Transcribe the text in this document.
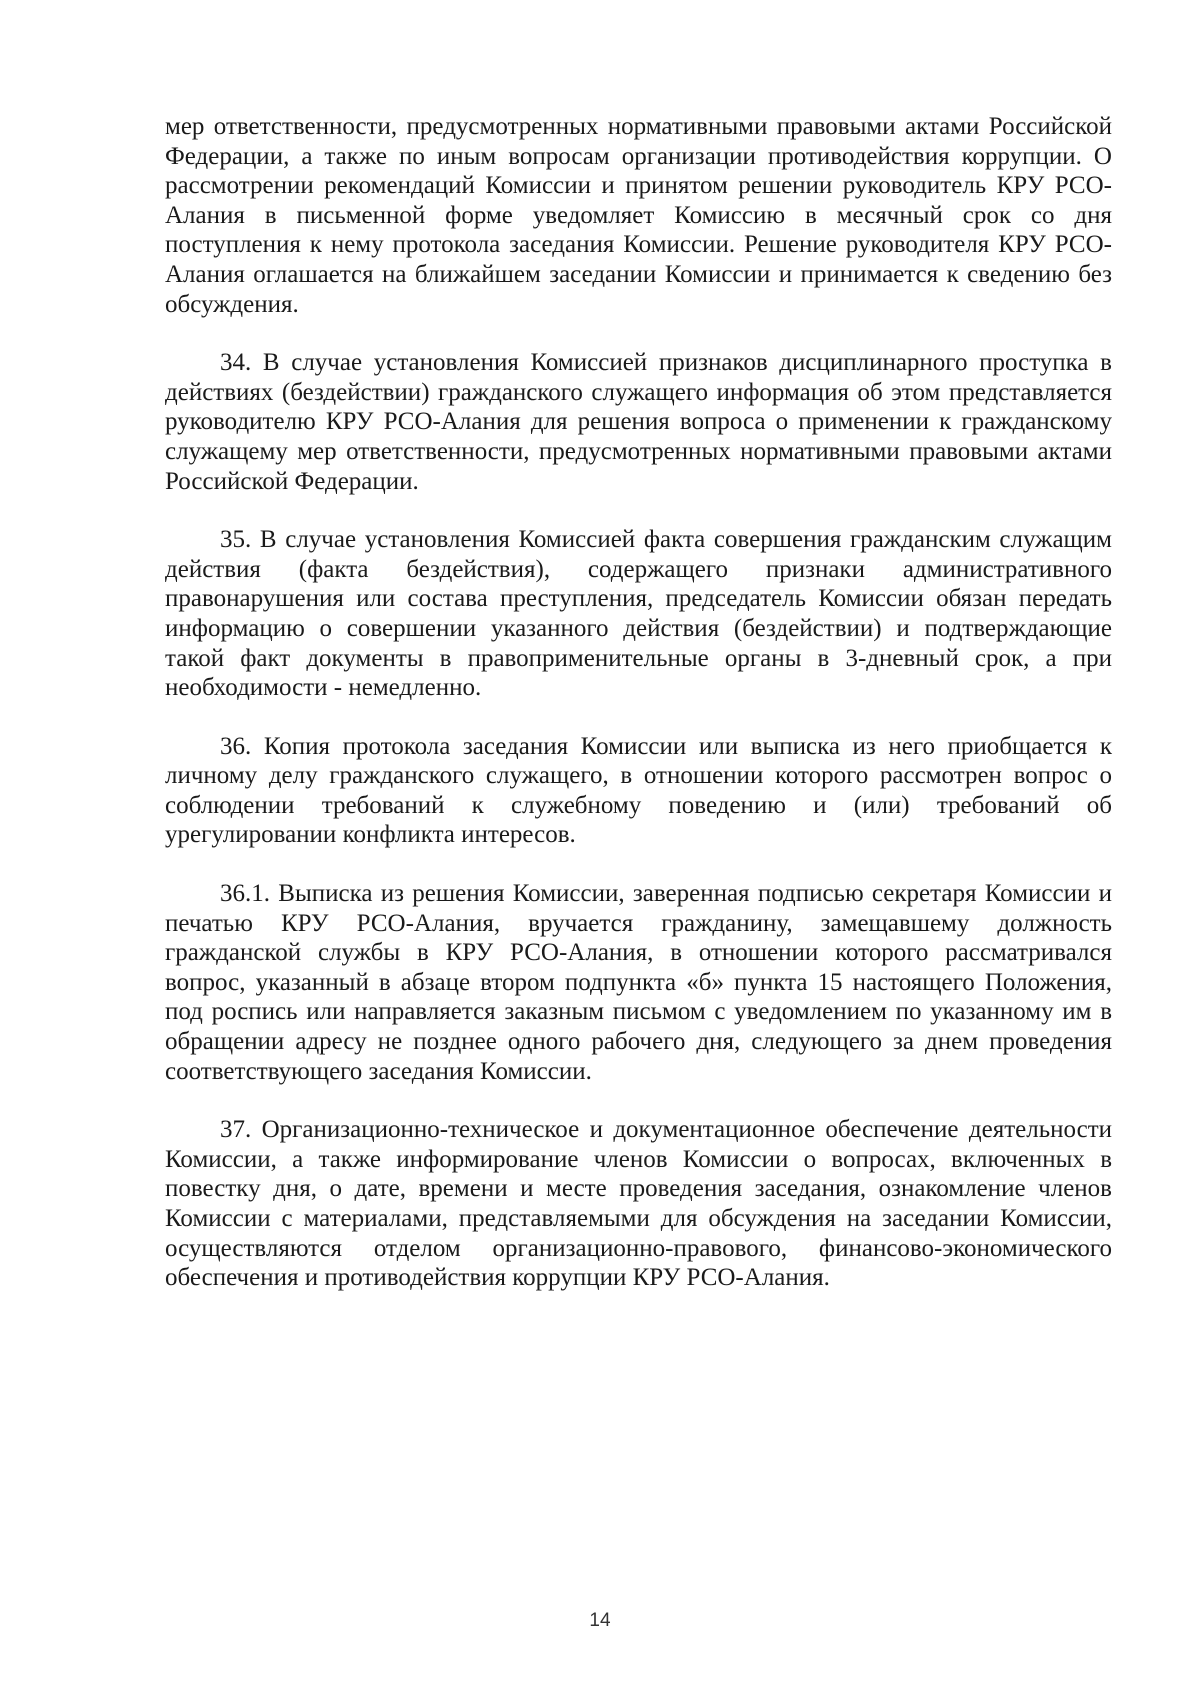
мер ответственности, предусмотренных нормативными правовыми актами Российской Федерации, а также по иным вопросам организации противодействия коррупции. О рассмотрении рекомендаций Комиссии и принятом решении руководитель КРУ РСО-Алания в письменной форме уведомляет Комиссию в месячный срок со дня поступления к нему протокола заседания Комиссии. Решение руководителя КРУ РСО-Алания оглашается на ближайшем заседании Комиссии и принимается к сведению без обсуждения.

34. В случае установления Комиссией признаков дисциплинарного проступка в действиях (бездействии) гражданского служащего информация об этом представляется руководителю КРУ РСО-Алания для решения вопроса о применении к гражданскому служащему мер ответственности, предусмотренных нормативными правовыми актами Российской Федерации.

35. В случае установления Комиссией факта совершения гражданским служащим действия (факта бездействия), содержащего признаки административного правонарушения или состава преступления, председатель Комиссии обязан передать информацию о совершении указанного действия (бездействии) и подтверждающие такой факт документы в правоприменительные органы в 3-дневный срок, а при необходимости - немедленно.

36. Копия протокола заседания Комиссии или выписка из него приобщается к личному делу гражданского служащего, в отношении которого рассмотрен вопрос о соблюдении требований к служебному поведению и (или) требований об урегулировании конфликта интересов.

36.1. Выписка из решения Комиссии, заверенная подписью секретаря Комиссии и печатью КРУ РСО-Алания, вручается гражданину, замещавшему должность гражданской службы в КРУ РСО-Алания, в отношении которого рассматривался вопрос, указанный в абзаце втором подпункта «б» пункта 15 настоящего Положения, под роспись или направляется заказным письмом с уведомлением по указанному им в обращении адресу не позднее одного рабочего дня, следующего за днем проведения соответствующего заседания Комиссии.

37. Организационно-техническое и документационное обеспечение деятельности Комиссии, а также информирование членов Комиссии о вопросах, включенных в повестку дня, о дате, времени и месте проведения заседания, ознакомление членов Комиссии с материалами, представляемыми для обсуждения на заседании Комиссии, осуществляются отделом организационно-правового, финансово-экономического обеспечения и противодействия коррупции КРУ РСО-Алания.

14
